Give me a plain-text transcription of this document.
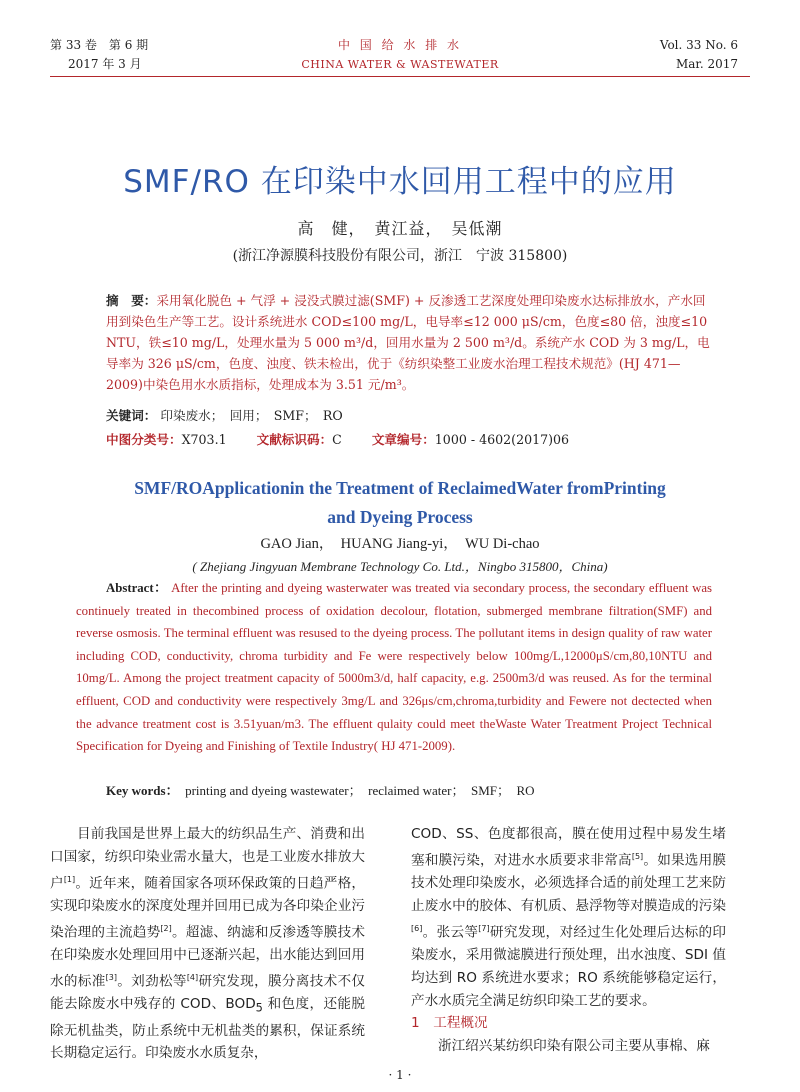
第 33 卷　第 6 期
2017 年 3 月
中 国 给 水 排 水
CHINA WATER & WASTEWATER
Vol. 33 No. 6
Mar. 2017
SMF/RO 在印染中水回用工程中的应用
高　健，　黄江益，　吴低潮
(浙江净源膜科技股份有限公司，浙江　宁波 315800)
摘　要：采用氧化脱色 + 气浮 + 浸没式膜过滤(SMF) + 反渗透工艺深度处理印染废水达标排放水，产水回用到染色生产等工艺。设计系统进水 COD≤100 mg/L，电导率≤12 000 μS/cm，色度≤80 倍，浊度≤10 NTU，铁≤10 mg/L，处理水量为 5 000 m³/d，回用水量为 2 500 m³/d。系统产水 COD 为 3 mg/L，电导率为 326 μS/cm，色度、浊度、铁未检出，优于《纺织染整工业废水治理工程技术规范》(HJ 471—2009)中染色用水水质指标，处理成本为 3.51 元/m³。
关键词： 印染废水；　回用；　SMF；　RO
中图分类号：X703.1 文献标识码：C 文章编号：1000 - 4602(2017)06
SMF/ROApplicationin the Treatment of ReclaimedWater fromPrinting
and Dyeing Process
GAO Jian，　HUANG Jiang-yi，　WU Di-chao
( Zhejiang Jingyuan Membrane Technology Co. Ltd.，Ningbo 315800，China)
Abstract： After the printing and dyeing wasterwater was treated via secondary process, the secondary effluent was continuely treated in thecombined process of oxidation decolour, flotation, submerged membrane filtration(SMF) and reverse osmosis. The terminal effluent was resused to the dyeing process. The pollutant items in design quality of raw water including COD, conductivity, chroma turbidity and Fe were respectively below 100mg/L,12000μS/cm,80,10NTU and 10mg/L. Among the project treatment capacity of 5000m3/d, half capacity, e.g. 2500m3/d was reused. As for the terminal effluent, COD and conductivity were respectively 3mg/L and 326μs/cm,chroma,turbidity and Fewere not dectected when the advance treatment cost is 3.51yuan/m3. The effluent qulaity could meet theWaste Water Treatment Project Technical Specification for Dyeing and Finishing of Textile Industry( HJ 471-2009).
Key words： printing and dyeing wastewater；　reclaimed water；　SMF；　RO
目前我国是世界上最大的纺织品生产、消费和出口国家，纺织印染业需水量大，也是工业废水排放大户[1]。近年来，随着国家各项环保政策的日趋严格，实现印染废水的深度处理并回用已成为各印染企业污染治理的主流趋势[2]。超滤、纳滤和反渗透等膜技术在印染废水处理回用中已逐渐兴起，出水能达到回用水的标准[3]。刘劲松等[4]研究发现，膜分离技术不仅能去除废水中残存的 COD、$BOD_5$ 和色度，还能脱除无机盐类，防止系统中无机盐类的累积，保证系统长期稳定运行。印染废水水质复杂，
COD、SS、色度都很高，膜在使用过程中易发生堵塞和膜污染，对进水水质要求非常高[5]。如果选用膜技术处理印染废水，必须选择合适的前处理工艺来防止废水中的胶体、有机质、悬浮物等对膜造成的污染[6]。张云等[7]研究发现，对经过生化处理后达标的印染废水，采用微滤膜进行预处理，出水浊度、SDI 值均达到 RO 系统进水要求；RO 系统能够稳定运行，产水水质完全满足纺织印染工艺的要求。
1　工程概况
浙江绍兴某纺织印染有限公司主要从事棉、麻
· 1 ·
